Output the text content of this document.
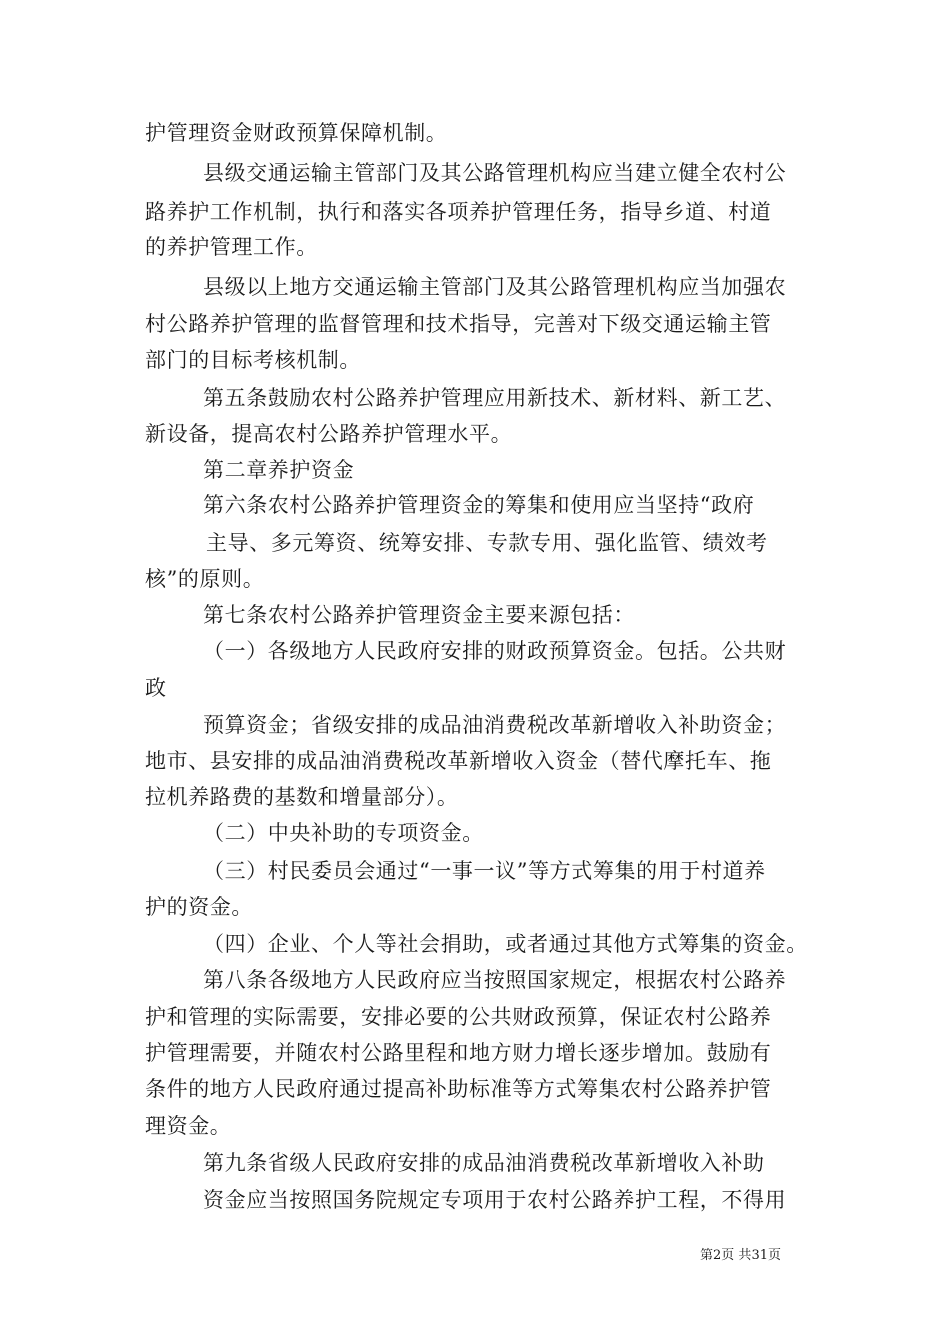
护管理资金财政预算保障机制。
县级交通运输主管部门及其公路管理机构应当建立健全农村公
路养护工作机制，执行和落实各项养护管理任务，指导乡道、村道
的养护管理工作。
县级以上地方交通运输主管部门及其公路管理机构应当加强农
村公路养护管理的监督管理和技术指导，完善对下级交通运输主管
部门的目标考核机制。
第五条鼓励农村公路养护管理应用新技术、新材料、新工艺、
新设备，提高农村公路养护管理水平。
第二章养护资金
第六条农村公路养护管理资金的筹集和使用应当坚持“政府
主导、多元筹资、统筹安排、专款专用、强化监管、绩效考
核”的原则。
第七条农村公路养护管理资金主要来源包括：
（一）各级地方人民政府安排的财政预算资金。包括。公共财
政
预算资金；省级安排的成品油消费税改革新增收入补助资金；
地市、县安排的成品油消费税改革新增收入资金（替代摩托车、拖
拉机养路费的基数和增量部分）。
（二）中央补助的专项资金。
（三）村民委员会通过“一事一议”等方式筹集的用于村道养
护的资金。
（四）企业、个人等社会捐助，或者通过其他方式筹集的资金。
第八条各级地方人民政府应当按照国家规定，根据农村公路养
护和管理的实际需要，安排必要的公共财政预算，保证农村公路养
护管理需要，并随农村公路里程和地方财力增长逐步增加。鼓励有
条件的地方人民政府通过提高补助标准等方式筹集农村公路养护管
理资金。
第九条省级人民政府安排的成品油消费税改革新增收入补助
资金应当按照国务院规定专项用于农村公路养护工程，不得用
第2页 共31页
